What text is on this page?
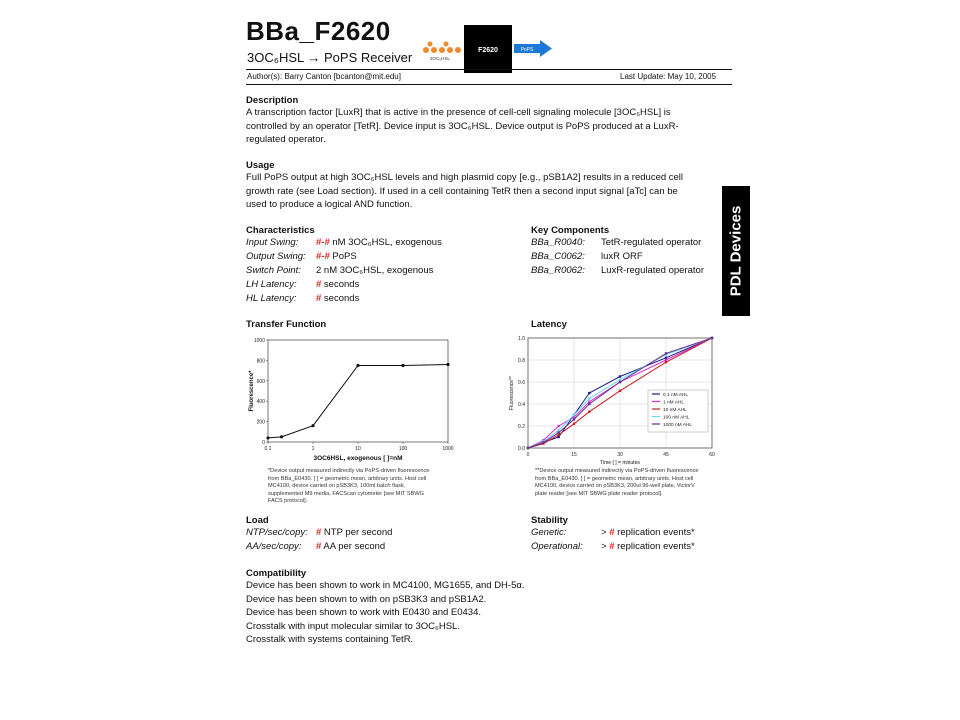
BBa_F2620
3OC₆HSL → PoPS Receiver	3OC₆HSL
F2620	PoPS
Author(s): Barry Canton [bcanton@mit.edu]	Last Update: May 10, 2005
Description
A transcription factor [LuxR] that is active in the presence of cell-cell signaling molecule [3OC₆HSL] is
controlled by an operator [TetR]. Device input is 3OC₆HSL. Device output is PoPS produced at a LuxR-
regulated operator.
Usage
Full PoPS output at high 3OC₆HSL levels and high plasmid copy [e.g., pSB1A2] results in a reduced cell
growth rate (see Load section). If used in a cell containing TetR then a second input signal [aTc] can be
used to produce a logical AND function.
Characteristics
Input Swing: #-# nM 3OC₆HSL, exogenous
Output Swing: #-# PoPS
Switch Point: 2 nM 3OC₆HSL, exogenous
LH Latency: # seconds
HL Latency: # seconds
Key Components
BBa_R0040: TetR-regulated operator
BBa_C0062: luxR ORF
BBa_R0062: LuxR-regulated operator	PDL Devices
Transfer Function
0
200
400
600
800
1000
0.1	1	10	100	1000
3OC6HSL, exogenous [ ]=nM
Fluorescence*
*Device output measured indirectly via PoPS-driven fluorescence
from BBa_E0430. [ ] = geometric mean, arbitrary units. Host cell
MC4100, device carried on pSB3K3, 100ml batch flask,
supplemented M9 media, FACScan cytometer [see MIT SBWG
FACS protocol].
Latency
0.0
0.2
0.4
0.6
0.8
1.0
0	15	30	45	60
Time [ ] = minutes
Fluorescence**	0.1 nM AHL
1 nM AHL
10 nM AHL
100 nM AHL
1000 nM AHL
**Device output measured indirectly via PoPS-driven fluorescence
from BBa_E0430. [ ] = geometric mean, arbitrary units. Host cell
MC4100, device carried on pSB3K3, 200ul 96-well plate, VictorV
plate reader [see MIT SBWG plate reader protocol].
Load
NTP/sec/copy: # NTP per second
AA/sec/copy: # AA per second
Stability
Genetic:	> # replication events*
Operational: > # replication events*
Compatibility
Device has been shown to work in MC4100, MG1655, and DH-5α.
Device has been shown to with on pSB3K3 and pSB1A2.
Device has been shown to work with E0430 and E0434.
Crosstalk with input molecular similar to 3OC₆HSL.
Crosstalk with systems containing TetR.
